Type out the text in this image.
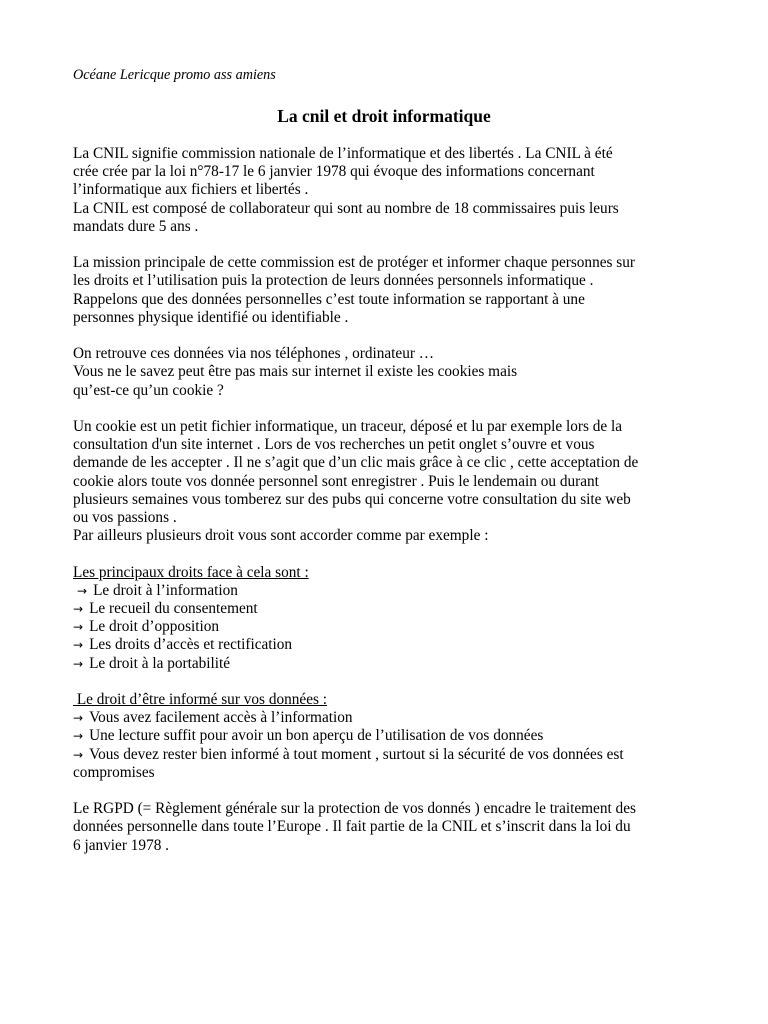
Océane Lericque promo ass amiens
La cnil et droit informatique
La CNIL signifie commission nationale de l’informatique et des libertés . La CNIL à été
crée crée par la loi n°78-17 le 6 janvier 1978 qui évoque des informations concernant
l’informatique aux fichiers et libertés .
La CNIL est composé de collaborateur qui sont au nombre de 18 commissaires puis leurs
mandats dure 5 ans .
La mission principale de cette commission est de protéger et informer chaque personnes sur
les droits et l’utilisation puis la protection de leurs données personnels informatique .
Rappelons que des données personnelles c’est toute information se rapportant à une
personnes physique identifié ou identifiable .
On retrouve ces données via nos téléphones , ordinateur …
Vous ne le savez peut être pas mais sur internet il existe les cookies mais
qu’est-ce qu’un cookie ?
Un cookie est un petit fichier informatique, un traceur, déposé et lu par exemple lors de la
consultation d'un site internet . Lors de vos recherches un petit onglet s’ouvre et vous
demande de les accepter . Il ne s’agit que d’un clic mais grâce à ce clic , cette acceptation de
cookie alors toute vos donnée personnel sont enregistrer . Puis le lendemain ou durant
plusieurs semaines vous tomberez sur des pubs qui concerne votre consultation du site web
ou vos passions .
Par ailleurs plusieurs droit vous sont accorder comme par exemple :
Les principaux droits face à cela sont :
→ Le droit à l’information
→ Le recueil du consentement
→ Le droit d’opposition
→ Les droits d’accès et rectification
→ Le droit à la portabilité
Le droit d’être informé sur vos données :
→ Vous avez facilement accès à l’information
→ Une lecture suffit pour avoir un bon aperçu de l’utilisation de vos données
→ Vous devez rester bien informé à tout moment , surtout si la sécurité de vos données est
compromises
Le RGPD (= Règlement générale sur la protection de vos donnés ) encadre le traitement des
données personnelle dans toute l’Europe . Il fait partie de la CNIL et s’inscrit dans la loi du
6 janvier 1978 .
